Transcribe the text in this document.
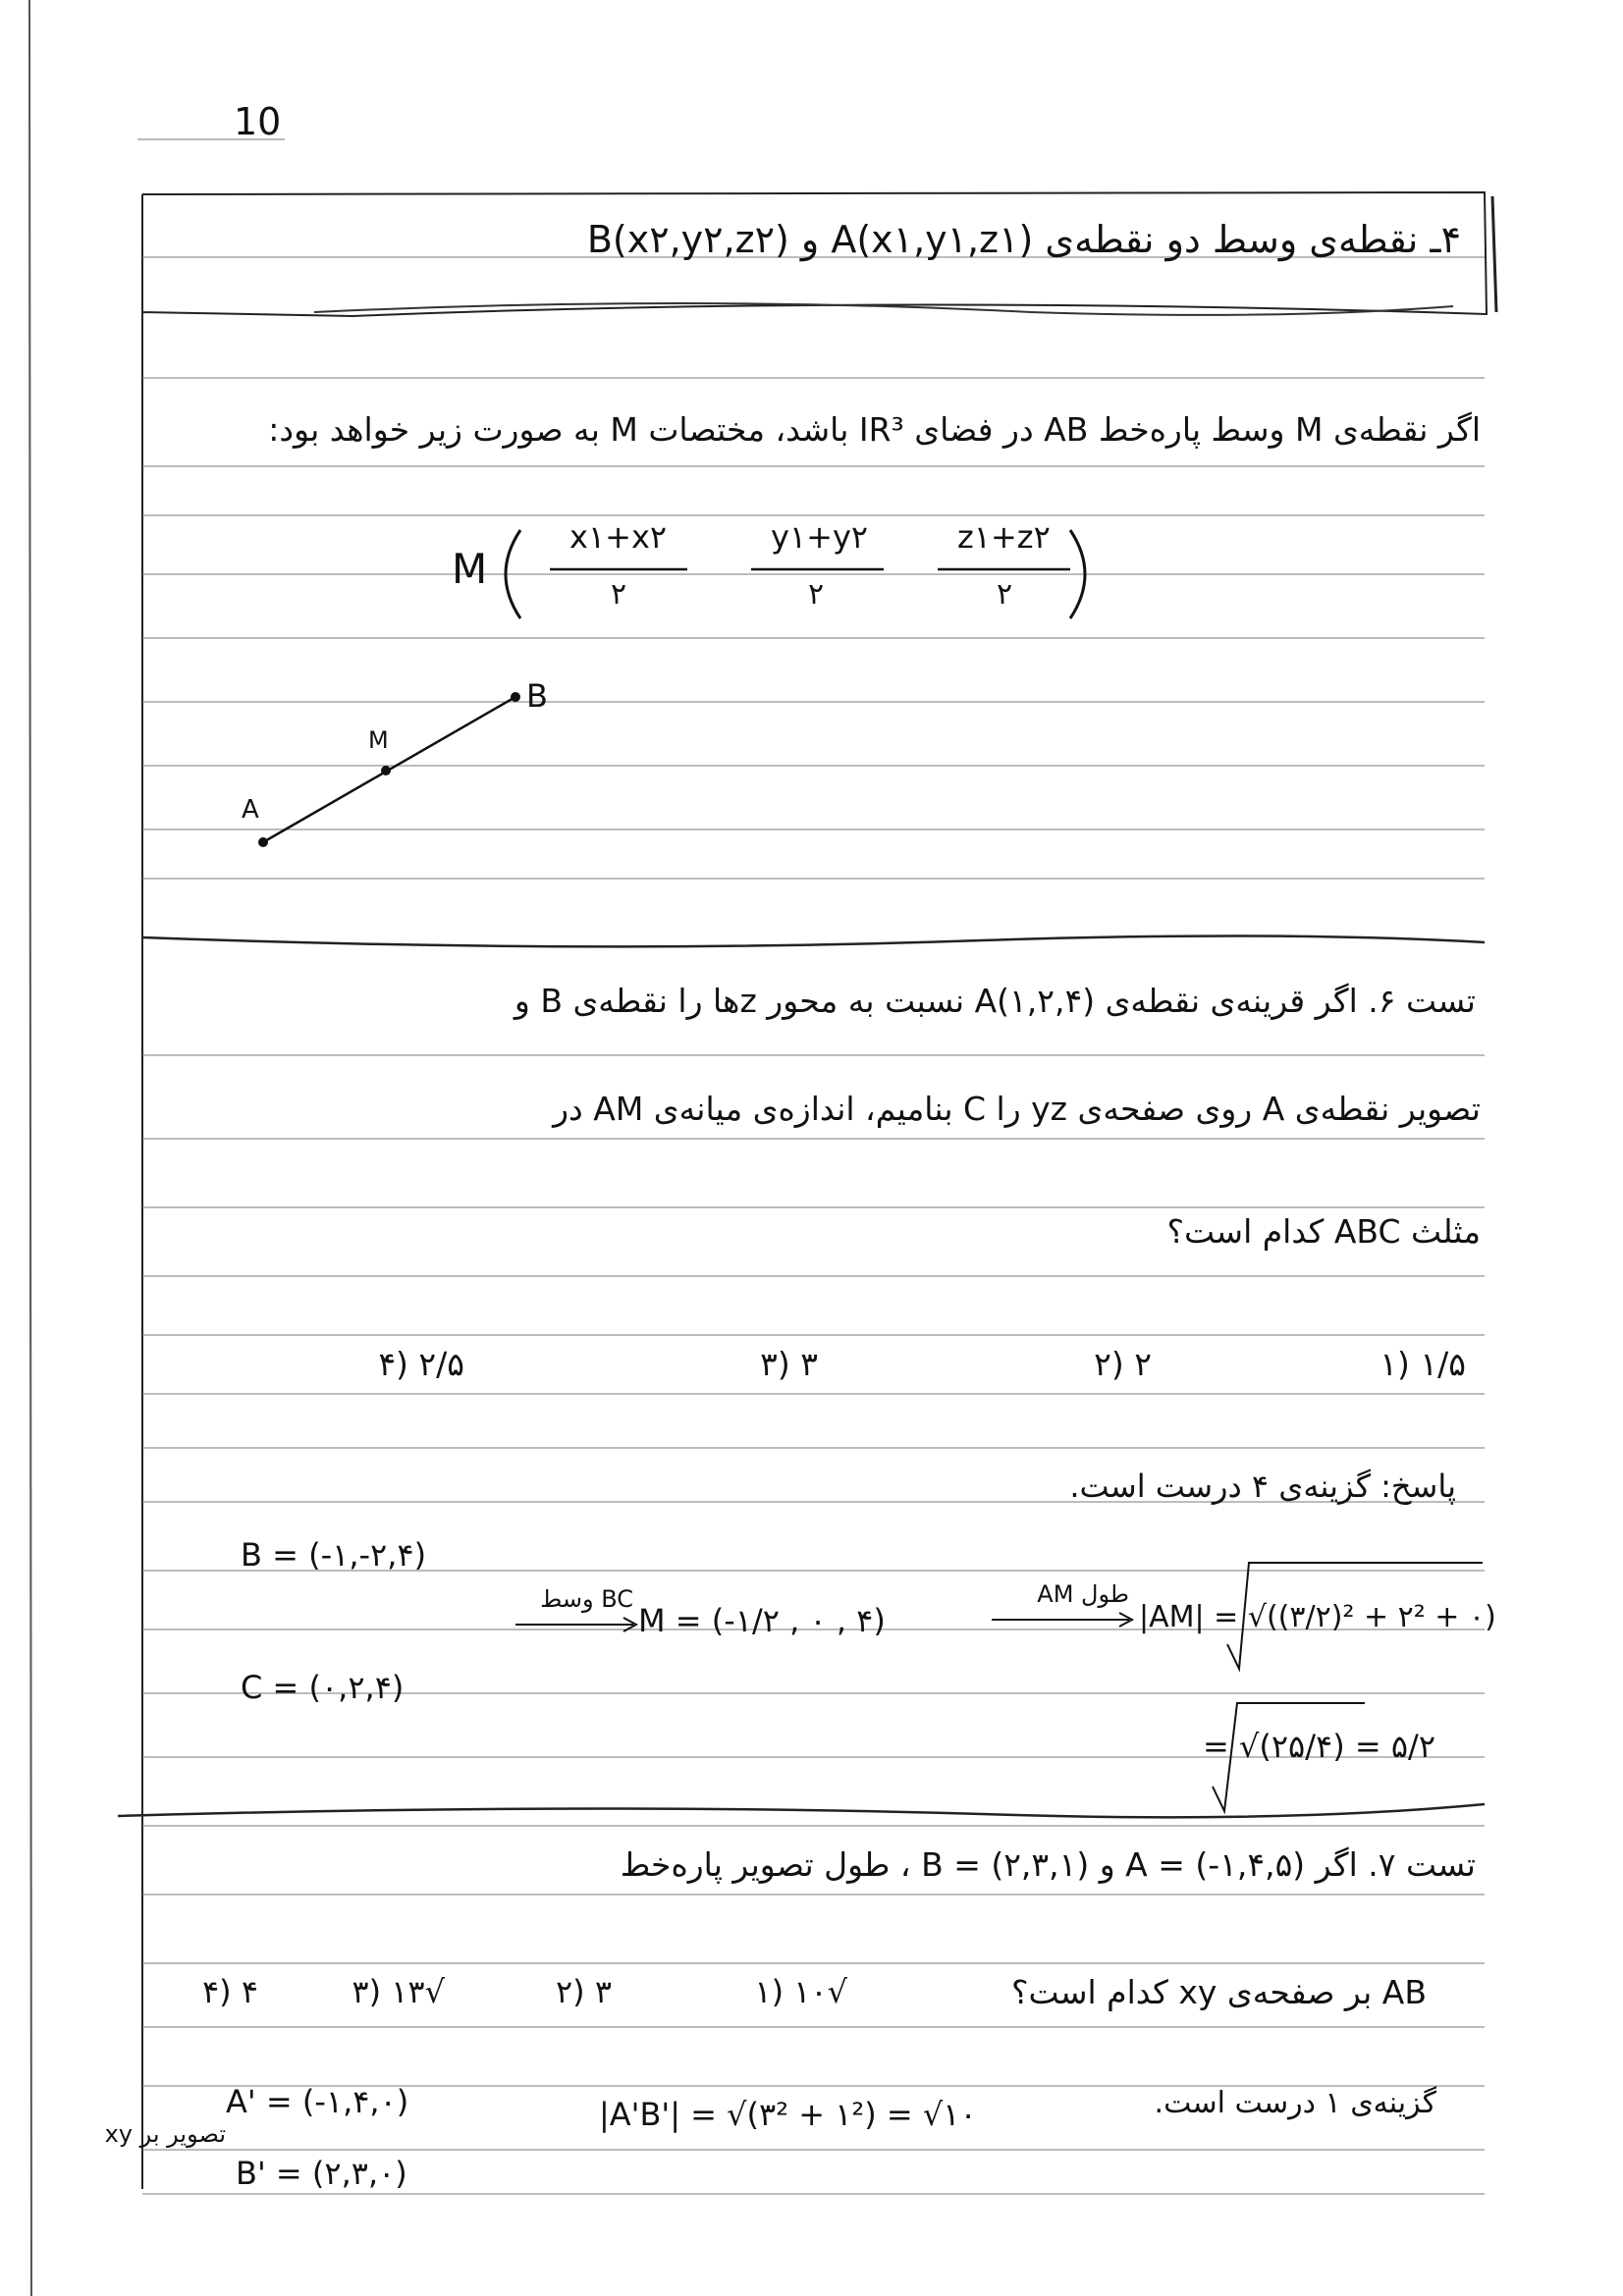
10
۴ـ نقطه‌ی وسط دو نقطه‌ی A(x۱,y۱,z۱) و B(x۲,y۲,z۲)
اگر نقطه‌ی M وسط پاره‌خط AB در فضای IR³ باشد، مختصات M به صورت زیر خواهد بود:
M
x۱+x۲
۲
y۱+y۲
۲
z۱+z۲
۲
A
M
B
تست ۶. اگر قرینه‌ی نقطه‌ی A(۱,۲,۴) نسبت به محور zها را نقطه‌ی B و
تصویر نقطه‌ی A روی صفحه‌ی yz را C بنامیم، اندازه‌ی میانه‌ی AM در
مثلث ABC کدام است؟
۱/۵ (۱
۲ (۲
۳ (۳
۲/۵ (۴
پاسخ: گزینه‌ی ۴ درست است.
B = (-۱,-۲,۴)
BC وسط
M = (-۱/۲ , ۰ , ۴)
طول AM
|AM| = √((۳/۲)² + ۲² + ۰)
C = (۰,۲,۴)
= √(۲۵/۴) = ۵/۲
تست ۷. اگر A = (-۱,۴,۵) و B = (۲,۳,۱) ، طول تصویر پاره‌خط
AB بر صفحه‌ی xy کدام است؟
√۱۰ (۱
۳ (۲
√۱۳ (۳
۴ (۴
گزینه‌ی ۱ درست است.
A' = (-۱,۴,۰)
B' = (۲,۳,۰)
|A'B'| = √(۳² + ۱²) = √۱۰
تصویر بر xy
